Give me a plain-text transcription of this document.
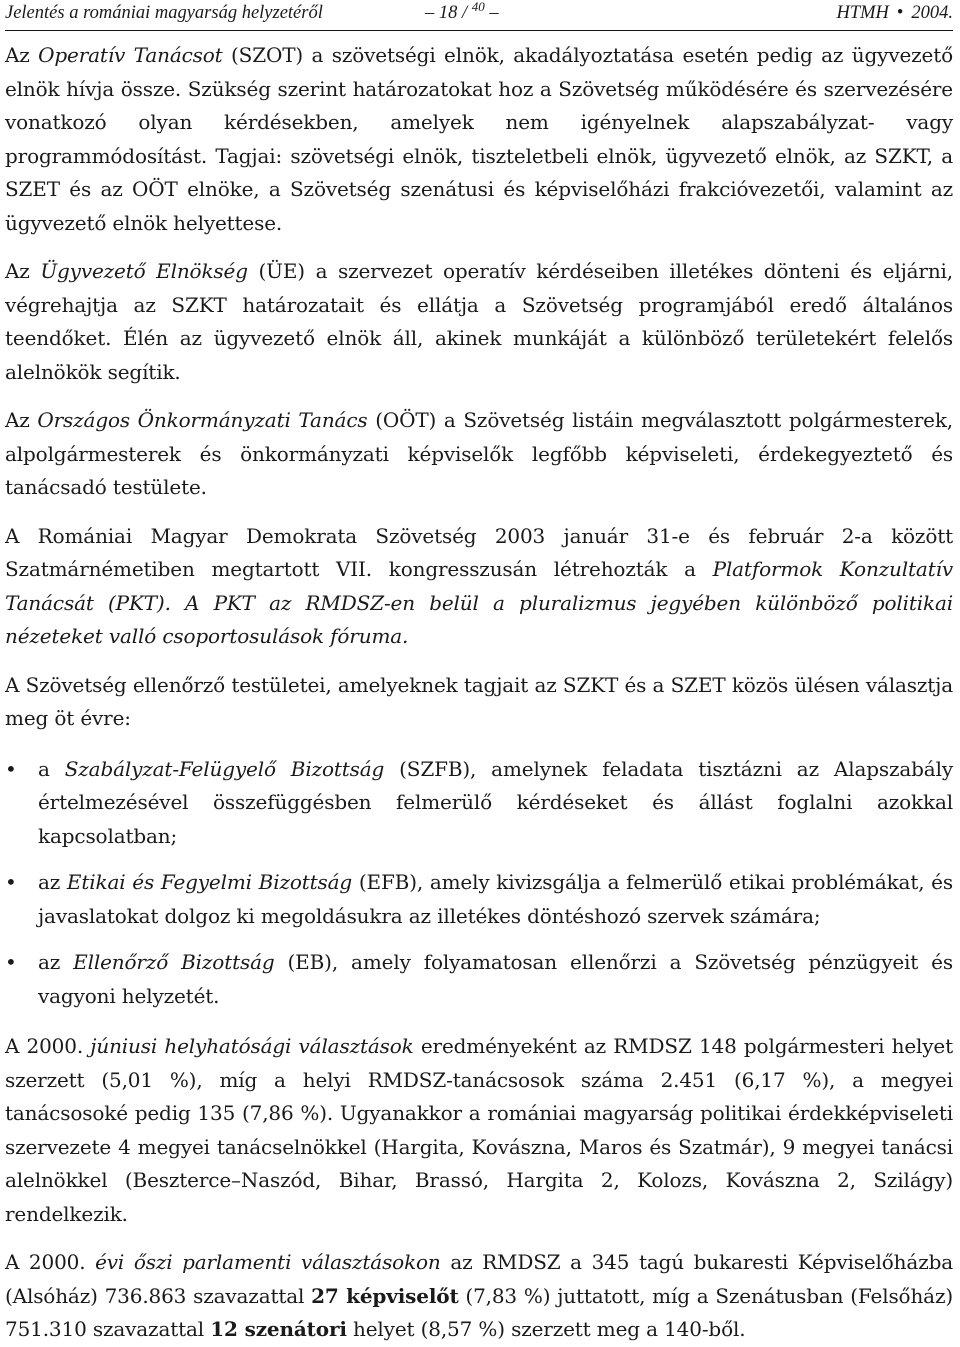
Jelentés a romániai magyarság helyzetéről	– 18 / $^{40}$ –	HTMH • 2004.

Az Operatív Tanácsot (SZOT) a szövetségi elnök, akadályoztatása esetén pedig az ügyvezető elnök hívja össze. Szükség szerint határozatokat hoz a Szövetség működésére és szervezésére vonatkozó olyan kérdésekben, amelyek nem igényelnek alapszabályzat- vagy programmódosítást. Tagjai: szövetségi elnök, tiszteletbeli elnök, ügyvezető elnök, az SZKT, a SZET és az OÖT elnöke, a Szövetség szenátusi és képviselőházi frakcióvezetői, valamint az ügyvezető elnök helyettese.

Az Ügyvezető Elnökség (ÜE) a szervezet operatív kérdéseiben illetékes dönteni és eljárni, végrehajtja az SZKT határozatait és ellátja a Szövetség programjából eredő általános teendőket. Élén az ügyvezető elnök áll, akinek munkáját a különböző területekért felelős alelnökök segítik.

Az Országos Önkormányzati Tanács (OÖT) a Szövetség listáin megválasztott polgármesterek, alpolgármesterek és önkormányzati képviselők legfőbb képviseleti, érdekegyeztető és tanácsadó testülete.

A Romániai Magyar Demokrata Szövetség 2003 január 31-e és február 2-a között Szatmárnémetiben megtartott VII. kongresszusán létrehozták a Platformok Konzultatív Tanácsát (PKT). A PKT az RMDSZ-en belül a pluralizmus jegyében különböző politikai nézeteket valló csoportosulások fóruma.

A Szövetség ellenőrző testületei, amelyeknek tagjait az SZKT és a SZET közös ülésen választja meg öt évre:

• a Szabályzat-Felügyelő Bizottság (SZFB), amelynek feladata tisztázni az Alapszabály értelmezésével összefüggésben felmerülő kérdéseket és állást foglalni azokkal kapcsolatban;
• az Etikai és Fegyelmi Bizottság (EFB), amely kivizsgálja a felmerülő etikai problémákat, és javaslatokat dolgoz ki megoldásukra az illetékes döntéshozó szervek számára;
• az Ellenőrző Bizottság (EB), amely folyamatosan ellenőrzi a Szövetség pénzügyeit és vagyoni helyzetét.

A 2000. júniusi helyhatósági választások eredményeként az RMDSZ 148 polgármesteri helyet szerzett (5,01 %), míg a helyi RMDSZ-tanácsosok száma 2.451 (6,17 %), a megyei tanácsosoké pedig 135 (7,86 %). Ugyanakkor a romániai magyarság politikai érdekképviseleti szervezete 4 megyei tanácselnökkel (Hargita, Kovászna, Maros és Szatmár), 9 megyei tanácsi alelnökkel (Beszterce–Naszód, Bihar, Brassó, Hargita 2, Kolozs, Kovászna 2, Szilágy) rendelkezik.

A 2000. évi őszi parlamenti választásokon az RMDSZ a 345 tagú bukaresti Képviselőházba (Alsóház) 736.863 szavazattal 27 képviselőt (7,83 %) juttatott, míg a Szenátusban (Felsőház) 751.310 szavazattal 12 szenátori helyet (8,57 %) szerzett meg a 140-ből.
